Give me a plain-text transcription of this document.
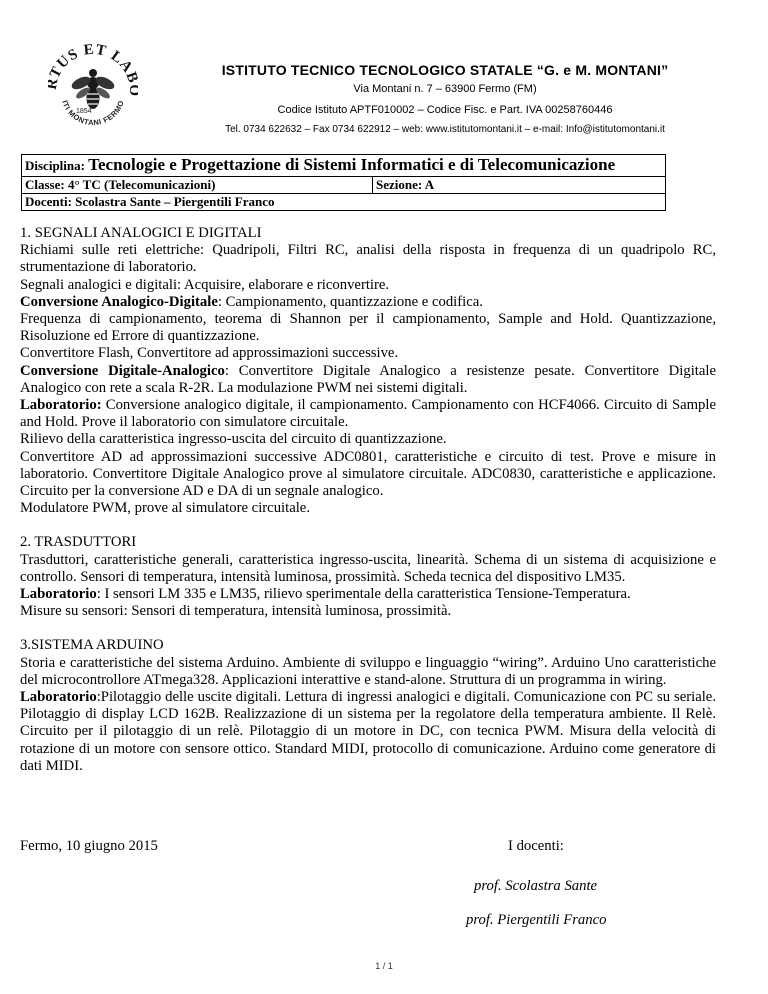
TUS ET LA
ITI MONTANI FERMO
1854
ISTITUTO TECNICO TECNOLOGICO STATALE “G. e M. MONTANI”
Via Montani n. 7 – 63900 Fermo (FM)
Codice Istituto APTF010002 – Codice Fisc. e Part. IVA 00258760446
Tel. 0734 622632 – Fax 0734 622912 – web: www.istitutomontani.it – e-mail: Info@istitutomontani.it
Disciplina: Tecnologie e Progettazione di Sistemi Informatici e di Telecomunicazione
Classe: 4° TC (Telecomunicazioni)	Sezione: A
Docenti: Scolastra Sante – Piergentili Franco

1. SEGNALI ANALOGICI E DIGITALI

Richiami sulle reti elettriche: Quadripoli, Filtri RC, analisi della risposta in frequenza di un quadripolo RC, strumentazione di laboratorio.

Segnali analogici e digitali: Acquisire, elaborare e riconvertire.

Conversione Analogico-Digitale: Campionamento, quantizzazione e codifica.

Frequenza di campionamento, teorema di Shannon per il campionamento, Sample and Hold. Quantizzazione, Risoluzione ed Errore di quantizzazione.

Convertitore Flash, Convertitore ad approssimazioni successive.

Conversione Digitale-Analogico: Convertitore Digitale Analogico a resistenze pesate. Convertitore Digitale Analogico con rete a scala R-2R. La modulazione PWM nei sistemi digitali.

Laboratorio: Conversione analogico digitale, il campionamento. Campionamento con HCF4066. Circuito di Sample and Hold. Prove il laboratorio con simulatore circuitale.

Rilievo della caratteristica ingresso-uscita del circuito di quantizzazione.

Convertitore AD ad approssimazioni successive ADC0801, caratteristiche e circuito di test. Prove e misure in laboratorio. Convertitore Digitale Analogico prove al simulatore circuitale. ADC0830, caratteristiche e applicazione. Circuito per la conversione AD e DA di un segnale analogico.

Modulatore PWM, prove al simulatore circuitale.

2. TRASDUTTORI

Trasduttori, caratteristiche generali, caratteristica ingresso-uscita, linearità. Schema di un sistema di acquisizione e controllo. Sensori di temperatura, intensità luminosa, prossimità. Scheda tecnica del dispositivo LM35.

Laboratorio: I sensori LM 335 e LM35, rilievo sperimentale della caratteristica Tensione-Temperatura.

Misure su sensori: Sensori di temperatura, intensità luminosa, prossimità.

3.SISTEMA ARDUINO

Storia e caratteristiche del sistema Arduino. Ambiente di sviluppo e linguaggio “wiring”. Arduino Uno caratteristiche del microcontrollore ATmega328. Applicazioni interattive e stand-alone. Struttura di un programma in wiring.

Laboratorio:Pilotaggio delle uscite digitali. Lettura di ingressi analogici e digitali. Comunicazione con PC su seriale. Pilotaggio di display LCD 162B. Realizzazione di un sistema per la regolatore della temperatura ambiente. Il Relè. Circuito per il pilotaggio di un relè. Pilotaggio di un motore in DC, con tecnica PWM. Misura della velocità di rotazione di un motore con sensore ottico. Standard MIDI, protocollo di comunicazione. Arduino come generatore di dati MIDI.

Fermo, 10 giugno 2015	I docenti:
prof. Scolastra Sante
prof. Piergentili Franco
1 / 1
